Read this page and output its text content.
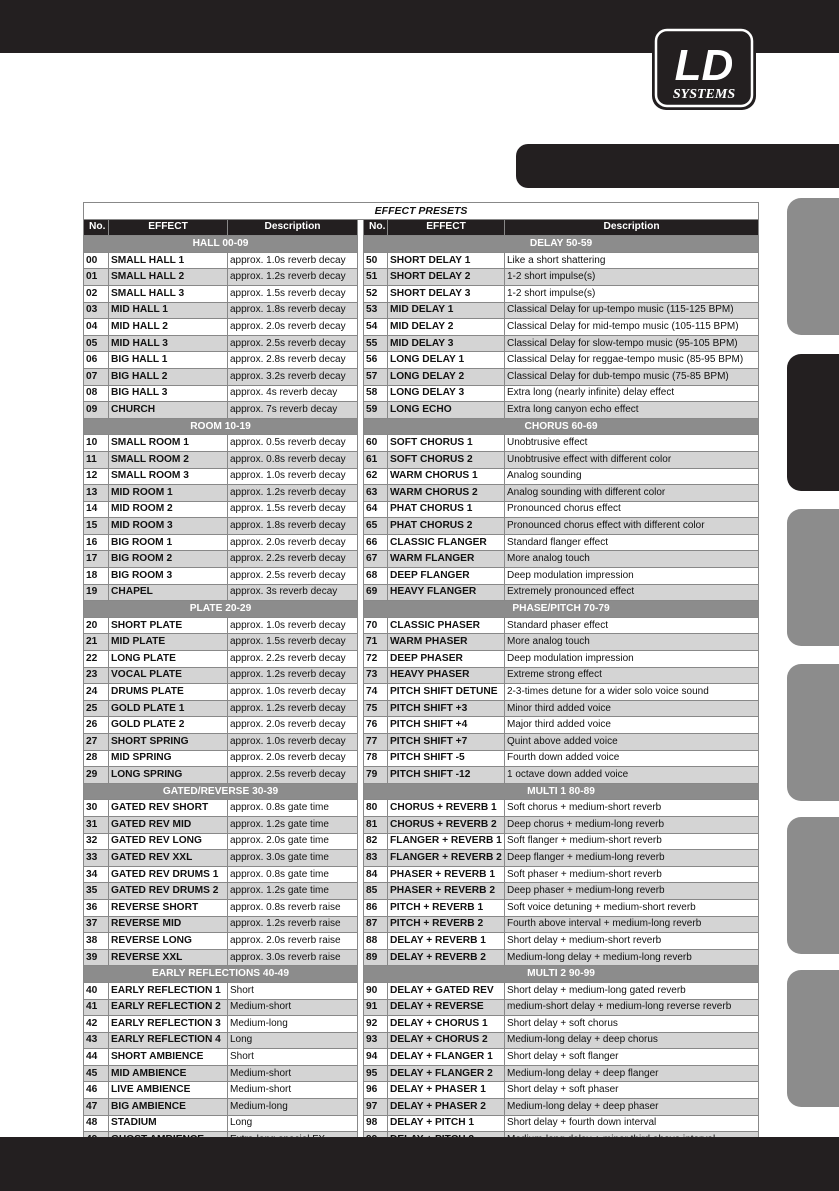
LD
SYSTEMS
EFFECT PRESETS						
No.	EFFECT	Description		No.	EFFECT	Description
HALL 00-09				DELAY 50-59		
00	SMALL HALL 1	approx. 1.0s reverb decay		50	SHORT DELAY 1	Like a short shattering
01	SMALL HALL 2	approx. 1.2s reverb decay		51	SHORT DELAY 2	1-2 short impulse(s)
02	SMALL HALL 3	approx. 1.5s reverb decay		52	SHORT DELAY 3	1-2 short impulse(s)
03	MID HALL 1	approx. 1.8s reverb decay		53	MID DELAY 1	Classical Delay for up-tempo music (115-125 BPM)
04	MID HALL 2	approx. 2.0s reverb decay		54	MID DELAY 2	Classical Delay for mid-tempo music (105-115 BPM)
05	MID HALL 3	approx. 2.5s reverb decay		55	MID DELAY 3	Classical Delay for slow-tempo music (95-105 BPM)
06	BIG HALL 1	approx. 2.8s reverb decay		56	LONG DELAY 1	Classical Delay for reggae-tempo music (85-95 BPM)
07	BIG HALL 2	approx. 3.2s reverb decay		57	LONG DELAY 2	Classical Delay for dub-tempo music (75-85 BPM)
08	BIG HALL 3	approx. 4s reverb decay		58	LONG DELAY 3	Extra long (nearly infinite) delay effect
09	CHURCH	approx. 7s reverb decay		59	LONG ECHO	Extra long canyon echo effect
ROOM 10-19				CHORUS 60-69		
10	SMALL ROOM 1	approx. 0.5s reverb decay		60	SOFT CHORUS 1	Unobtrusive effect
11	SMALL ROOM 2	approx. 0.8s reverb decay		61	SOFT CHORUS 2	Unobtrusive effect with different color
12	SMALL ROOM 3	approx. 1.0s reverb decay		62	WARM CHORUS 1	Analog sounding
13	MID ROOM 1	approx. 1.2s reverb decay		63	WARM CHORUS 2	Analog sounding with different color
14	MID ROOM 2	approx. 1.5s reverb decay		64	PHAT CHORUS 1	Pronounced chorus effect
15	MID ROOM 3	approx. 1.8s reverb decay		65	PHAT CHORUS 2	Pronounced chorus effect with different color
16	BIG ROOM 1	approx. 2.0s reverb decay		66	CLASSIC FLANGER	Standard flanger effect
17	BIG ROOM 2	approx. 2.2s reverb decay		67	WARM FLANGER	More analog touch
18	BIG ROOM 3	approx. 2.5s reverb decay		68	DEEP FLANGER	Deep modulation impression
19	CHAPEL	approx. 3s reverb decay		69	HEAVY FLANGER	Extremely pronounced effect
PLATE 20-29				PHASE/PITCH 70-79		
20	SHORT PLATE	approx. 1.0s reverb decay		70	CLASSIC PHASER	Standard phaser effect
21	MID PLATE	approx. 1.5s reverb decay		71	WARM PHASER	More analog touch
22	LONG PLATE	approx. 2.2s reverb decay		72	DEEP PHASER	Deep modulation impression
23	VOCAL PLATE	approx. 1.2s reverb decay		73	HEAVY PHASER	Extreme strong effect
24	DRUMS PLATE	approx. 1.0s reverb decay		74	PITCH SHIFT DETUNE	2-3-times detune for a wider solo voice sound
25	GOLD PLATE 1	approx. 1.2s reverb decay		75	PITCH SHIFT +3	Minor third added voice
26	GOLD PLATE 2	approx. 2.0s reverb decay		76	PITCH SHIFT +4	Major third added voice
27	SHORT SPRING	approx. 1.0s reverb decay		77	PITCH SHIFT +7	Quint above added voice
28	MID SPRING	approx. 2.0s reverb decay		78	PITCH SHIFT -5	Fourth down added voice
29	LONG SPRING	approx. 2.5s reverb decay		79	PITCH SHIFT -12	1 octave down added voice
GATED/REVERSE 30-39				MULTI 1 80-89		
30	GATED REV SHORT	approx. 0.8s gate time		80	CHORUS + REVERB 1	Soft chorus + medium-short reverb
31	GATED REV MID	approx. 1.2s gate time		81	CHORUS + REVERB 2	Deep chorus + medium-long reverb
32	GATED REV LONG	approx. 2.0s gate time		82	FLANGER + REVERB 1	Soft flanger + medium-short reverb
33	GATED REV XXL	approx. 3.0s gate time		83	FLANGER + REVERB 2	Deep flanger + medium-long reverb
34	GATED REV DRUMS 1	approx. 0.8s gate time		84	PHASER + REVERB 1	Soft phaser + medium-short reverb
35	GATED REV DRUMS 2	approx. 1.2s gate time		85	PHASER + REVERB 2	Deep phaser + medium-long reverb
36	REVERSE SHORT	approx. 0.8s reverb raise		86	PITCH + REVERB 1	Soft voice detuning + medium-short reverb
37	REVERSE MID	approx. 1.2s reverb raise		87	PITCH + REVERB 2	Fourth above interval + medium-long reverb
38	REVERSE LONG	approx. 2.0s reverb raise		88	DELAY + REVERB 1	Short delay + medium-short reverb
39	REVERSE XXL	approx. 3.0s reverb raise		89	DELAY + REVERB 2	Medium-long delay + medium-long reverb
EARLY REFLECTIONS 40-49				MULTI 2 90-99		
40	EARLY REFLECTION 1	Short		90	DELAY + GATED REV	Short delay + medium-long gated reverb
41	EARLY REFLECTION 2	Medium-short		91	DELAY + REVERSE	medium-short delay + medium-long reverse reverb
42	EARLY REFLECTION 3	Medium-long		92	DELAY + CHORUS 1	Short delay + soft chorus
43	EARLY REFLECTION 4	Long		93	DELAY + CHORUS 2	Medium-long delay + deep chorus
44	SHORT AMBIENCE	Short		94	DELAY + FLANGER 1	Short delay + soft flanger
45	MID AMBIENCE	Medium-short		95	DELAY + FLANGER 2	Medium-long delay + deep flanger
46	LIVE AMBIENCE	Medium-short		96	DELAY + PHASER 1	Short delay + soft phaser
47	BIG AMBIENCE	Medium-long		97	DELAY + PHASER 2	Medium-long delay + deep phaser
48	STADIUM	Long		98	DELAY + PITCH 1	Short delay + fourth down interval
